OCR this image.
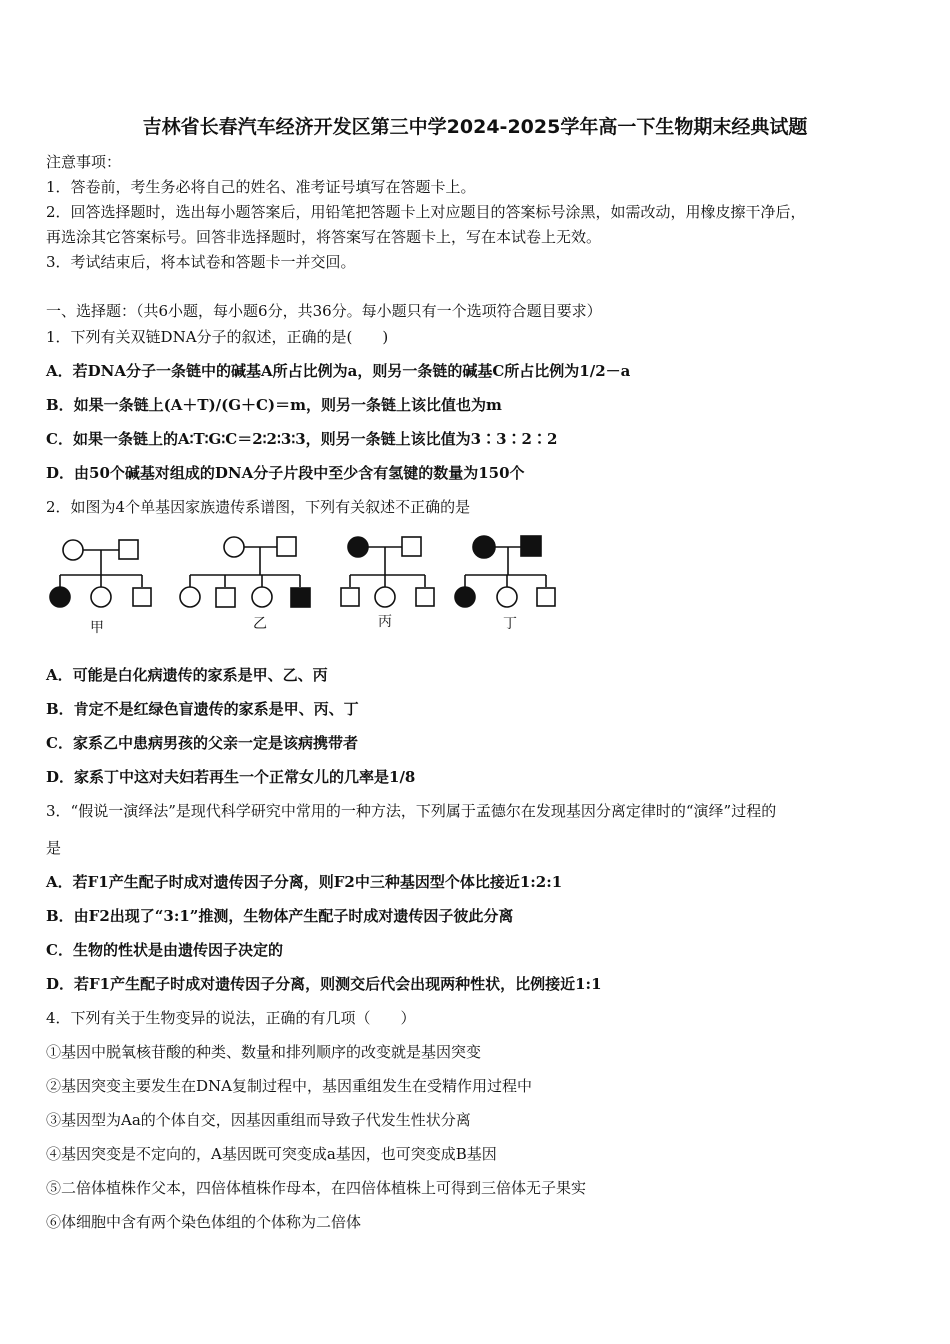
吉林省长春汽车经济开发区第三中学2024-2025学年高一下生物期末经典试题
注意事项：
1．答卷前，考生务必将自己的姓名、准考证号填写在答题卡上。
2．回答选择题时，选出每小题答案后，用铅笔把答题卡上对应题目的答案标号涂黑，如需改动，用橡皮擦干净后，
再选涂其它答案标号。回答非选择题时，将答案写在答题卡上，写在本试卷上无效。
3．考试结束后，将本试卷和答题卡一并交回。
一、选择题：（共6小题，每小题6分，共36分。每小题只有一个选项符合题目要求）
1．下列有关双链DNA分子的叙述，正确的是(　　)
A．若DNA分子一条链中的碱基A所占比例为a，则另一条链的碱基C所占比例为1/2－a
B．如果一条链上(A＋T)/(G＋C)＝m，则另一条链上该比值也为m
C．如果一条链上的A∶T∶G∶C＝2∶2∶3∶3，则另一条链上该比值为3∶3∶2∶2
D．由50个碱基对组成的DNA分子片段中至少含有氢键的数量为150个
2．如图为4个单基因家族遗传系谱图，下列有关叙述不正确的是
甲	乙	丙	丁
A．可能是白化病遗传的家系是甲、乙、丙
B．肯定不是红绿色盲遗传的家系是甲、丙、丁
C．家系乙中患病男孩的父亲一定是该病携带者
D．家系丁中这对夫妇若再生一个正常女儿的几率是1/8
3．“假说一演绎法”是现代科学研究中常用的一种方法，下列属于孟德尔在发现基因分离定律时的“演绎”过程的
是
A．若F1产生配子时成对遗传因子分离，则F2中三种基因型个体比接近1:2:1
B．由F2出现了“3:1”推测，生物体产生配子时成对遗传因子彼此分离
C．生物的性状是由遗传因子决定的
D．若F1产生配子时成对遗传因子分离，则测交后代会出现两种性状，比例接近1:1
4．下列有关于生物变异的说法，正确的有几项（　　）
①基因中脱氧核苷酸的种类、数量和排列顺序的改变就是基因突变
②基因突变主要发生在DNA复制过程中，基因重组发生在受精作用过程中
③基因型为Aa的个体自交，因基因重组而导致子代发生性状分离
④基因突变是不定向的，A基因既可突变成a基因，也可突变成B基因
⑤二倍体植株作父本，四倍体植株作母本，在四倍体植株上可得到三倍体无子果实
⑥体细胞中含有两个染色体组的个体称为二倍体
